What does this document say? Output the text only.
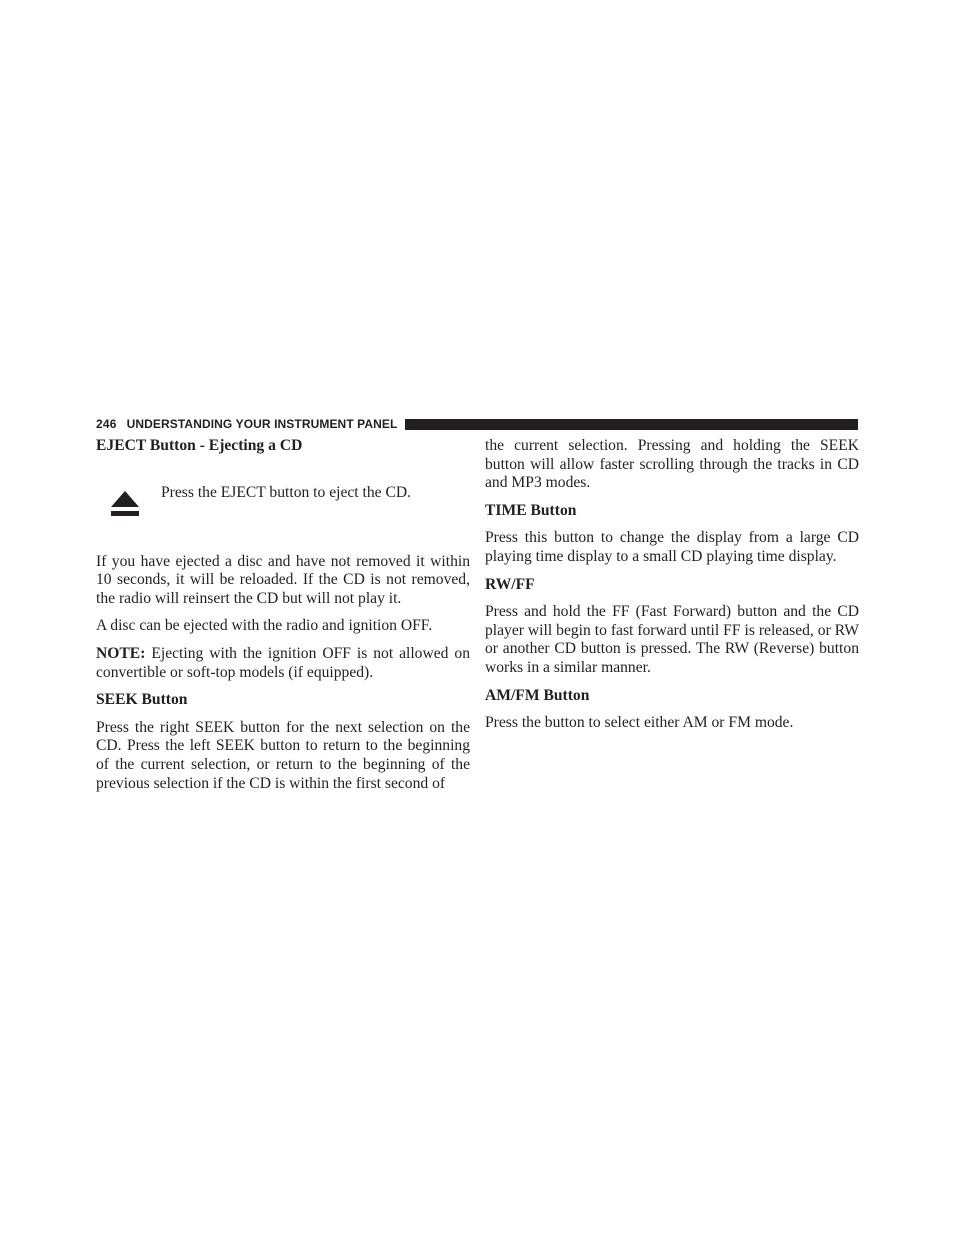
246 UNDERSTANDING YOUR INSTRUMENT PANEL
EJECT Button - Ejecting a CD

Press the EJECT button to eject the CD.

If you have ejected a disc and have not removed it within 10 seconds, it will be reloaded. If the CD is not removed, the radio will reinsert the CD but will not play it.

A disc can be ejected with the radio and ignition OFF.

NOTE: Ejecting with the ignition OFF is not allowed on convertible or soft-top models (if equipped).

SEEK Button

Press the right SEEK button for the next selection on the CD. Press the left SEEK button to return to the beginning of the current selection, or return to the beginning of the previous selection if the CD is within the first second of

the current selection. Pressing and holding the SEEK button will allow faster scrolling through the tracks in CD and MP3 modes.

TIME Button

Press this button to change the display from a large CD playing time display to a small CD playing time display.

RW/FF

Press and hold the FF (Fast Forward) button and the CD player will begin to fast forward until FF is released, or RW or another CD button is pressed. The RW (Reverse) button works in a similar manner.

AM/FM Button

Press the button to select either AM or FM mode.
